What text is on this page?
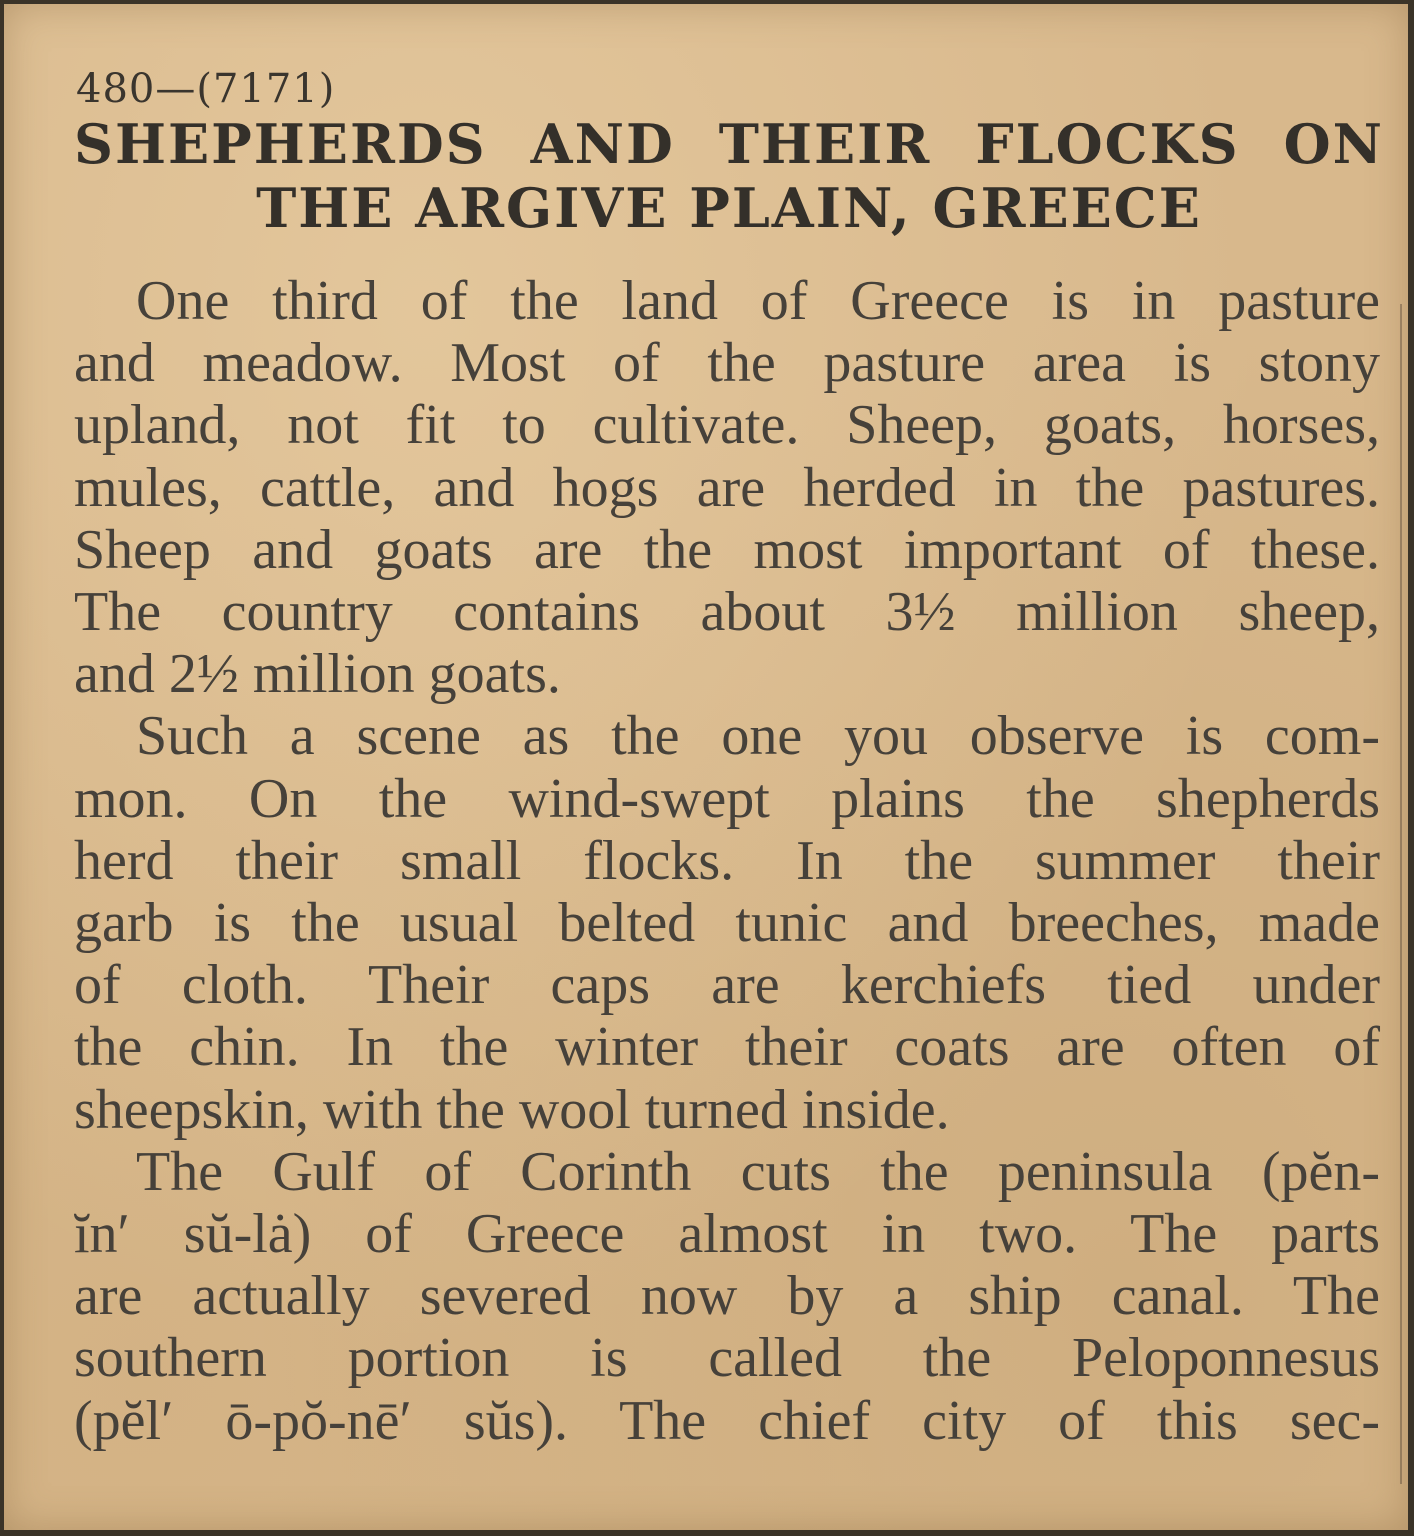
480—(7171)
SHEPHERDS AND THEIR FLOCKS ON
THE ARGIVE PLAIN, GREECE
One third of the land of Greece is in pasture
and meadow. Most of the pasture area is stony
upland, not fit to cultivate. Sheep, goats, horses,
mules, cattle, and hogs are herded in the pastures.
Sheep and goats are the most important of these.
The country contains about 3½ million sheep,
and 2½ million goats.
Such a scene as the one you observe is com-
mon. On the wind-swept plains the shepherds
herd their small flocks. In the summer their
garb is the usual belted tunic and breeches, made
of cloth. Their caps are kerchiefs tied under
the chin. In the winter their coats are often of
sheepskin, with the wool turned inside.
The Gulf of Corinth cuts the peninsula (pĕn-
ĭn′ sŭ-lȧ) of Greece almost in two. The parts
are actually severed now by a ship canal. The
southern portion is called the Peloponnesus
(pĕl′ ō-pŏ-nē′ sŭs). The chief city of this sec-
